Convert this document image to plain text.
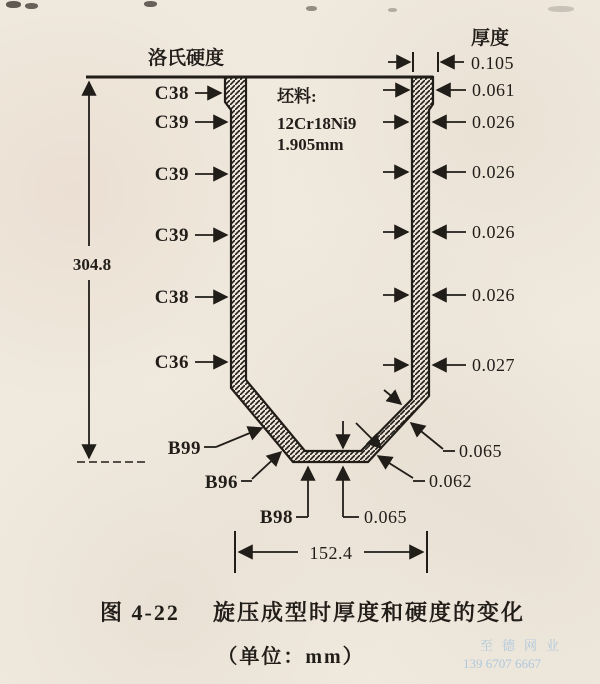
洛氏硬度
厚度
坯料:
12Cr18Ni9
1.905mm
304.8
0.105
C38
C39
C39
C39
C38
C36
0.061
0.026
0.026
0.026
0.026
0.027
B99
B96
B98
0.065
0.062
0.065
152.4
图 4-22 旋压成型时厚度和硬度的变化
（单位：mm）
至德网业
139 6707 6667
